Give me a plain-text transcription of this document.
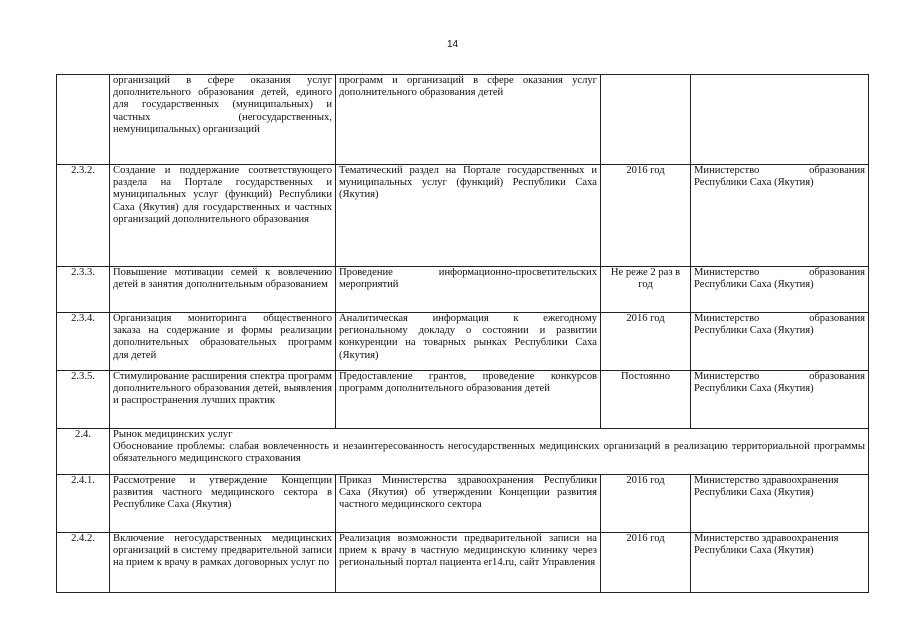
14
	организаций в сфере оказания услуг дополнительного образования детей, единого для государственных (муниципальных) и частных (негосударственных, немуниципальных) организаций	программ и организаций в сфере оказания услуг дополнительного образования детей		
2.3.2.	Создание и поддержание соответствующего раздела на Портале государственных и муниципальных услуг (функций) Республики Саха (Якутия) для государственных и частных организаций дополнительного образования	Тематический раздел на Портале государственных и муниципальных услуг (функций) Республики Саха (Якутия)	2016 год	Министерство образования Республики Саха (Якутия)
2.3.3.	Повышение мотивации семей к вовлечению детей в занятия дополнительным образованием	Проведение информационно-просветительских мероприятий	Не реже 2 раз в год	Министерство образования Республики Саха (Якутия)
2.3.4.	Организация мониторинга общественного заказа на содержание и формы реализации дополнительных образовательных программ для детей	Аналитическая информация к ежегодному региональному докладу о состоянии и развитии конкуренции на товарных рынках Республики Саха (Якутия)	2016 год	Министерство образования Республики Саха (Якутия)
2.3.5.	Стимулирование расширения спектра программ дополнительного образования детей, выявления и распространения лучших практик	Предоставление грантов, проведение конкурсов программ дополнительного образования детей	Постоянно	Министерство образования Республики Саха (Якутия)
2.4.	Рынок медицинских услуг
Обоснование проблемы: слабая вовлеченность и незаинтересованность негосударственных медицинских организаций в реализацию территориальной программы обязательного медицинского страхования			

2.4.1.	Рассмотрение и утверждение Концепции развития частного медицинского сектора в Республике Саха (Якутия)	Приказ Министерства здравоохранения Республики Саха (Якутия) об утверждении Концепции развития частного медицинского сектора	2016 год	Министерство здравоохранения Республики Саха (Якутия)
2.4.2.	Включение негосударственных медицинских организаций в систему предварительной записи на прием к врачу в рамках договорных услуг по	Реализация возможности предварительной записи на прием к врачу в частную медицинскую клинику через региональный портал пациента er14.ru, сайт Управления	2016 год	Министерство здравоохранения Республики Саха (Якутия)
